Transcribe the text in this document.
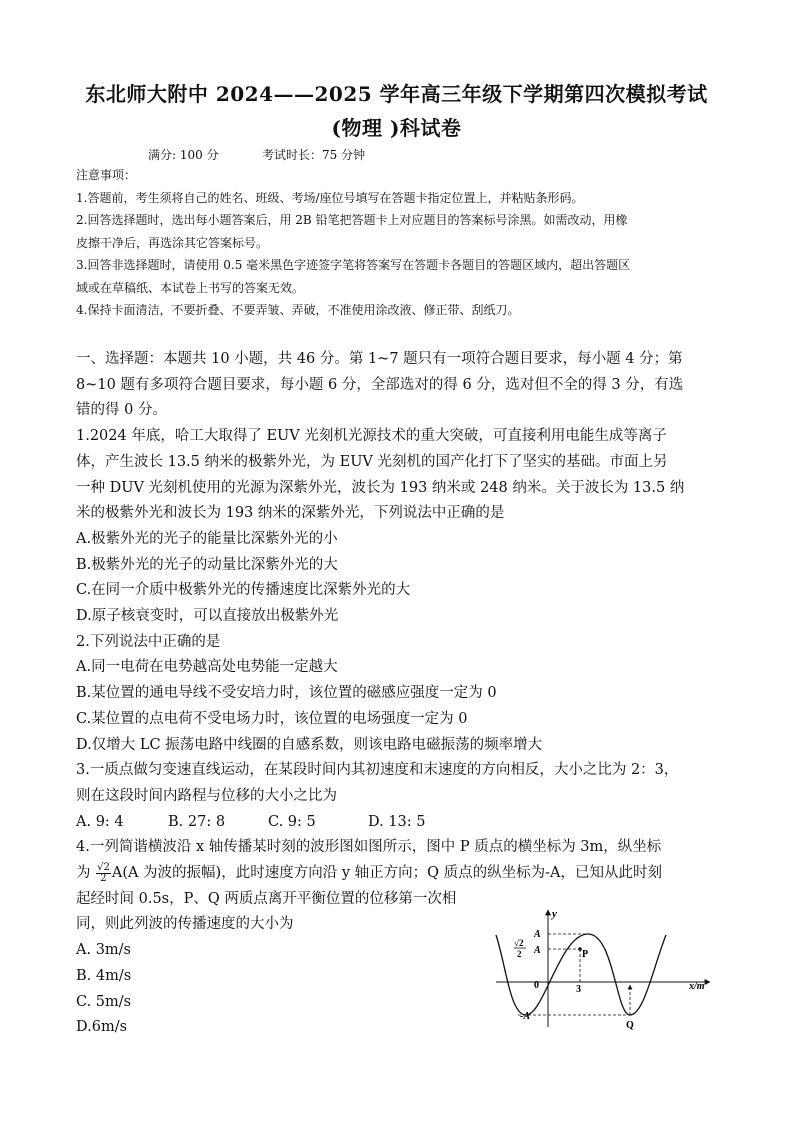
东北师大附中 2024——2025 学年高三年级下学期第四次模拟考试
(物理 )科试卷
满分: 100 分	考试时长：75 分钟

注意事项：

1.答题前，考生须将自己的姓名、班级、考场/座位号填写在答题卡指定位置上，并粘贴条形码。

2.回答选择题时，选出每小题答案后，用 2B 铅笔把答题卡上对应题目的答案标号涂黑。如需改动，用橡

皮擦干净后，再选涂其它答案标号。

3.回答非选择题时，请使用 0.5 毫米黑色字迹签字笔将答案写在答题卡各题目的答题区域内，超出答题区

域或在草稿纸、本试卷上书写的答案无效。

4.保持卡面清洁，不要折叠、不要弄皱、弄破，不准使用涂改液、修正带、刮纸刀。

一、选择题：本题共 10 小题，共 46 分。第 1~7 题只有一项符合题目要求，每小题 4 分；第

8~10 题有多项符合题目要求，每小题 6 分，全部选对的得 6 分，选对但不全的得 3 分，有选

错的得 0 分。

1.2024 年底，哈工大取得了 EUV 光刻机光源技术的重大突破，可直接利用电能生成等离子

体，产生波长 13.5 纳米的极紫外光，为 EUV 光刻机的国产化打下了坚实的基础。市面上另

一种 DUV 光刻机使用的光源为深紫外光，波长为 193 纳米或 248 纳米。关于波长为 13.5 纳

米的极紫外光和波长为 193 纳米的深紫外光，下列说法中正确的是

A.极紫外光的光子的能量比深紫外光的小

B.极紫外光的光子的动量比深紫外光的大

C.在同一介质中极紫外光的传播速度比深紫外光的大

D.原子核衰变时，可以直接放出极紫外光

2.下列说法中正确的是

A.同一电荷在电势越高处电势能一定越大

B.某位置的通电导线不受安培力时，该位置的磁感应强度一定为 0

C.某位置的点电荷不受电场力时，该位置的电场强度一定为 0

D.仅增大 LC 振荡电路中线圈的自感系数，则该电路电磁振荡的频率增大

3.一质点做匀变速直线运动，在某段时间内其初速度和末速度的方向相反，大小之比为 2：3，

则在这段时间内路程与位移的大小之比为

A. 9: 4	B. 27: 8	C. 9: 5	D. 13: 5

4.一列简谐横波沿 x 轴传播某时刻的波形图如图所示，图中 P 质点的横坐标为 3m，纵坐标

为 $\frac{√2}{2} A(A$ 为波的振幅)，此时速度方向沿 y 轴正方向；Q 质点的纵坐标为-A，已知从此时刻

起经时间 0.5s，P、Q 两质点离开平衡位置的位移第一次相

同，则此列波的传播速度的大小为

A. 3m/s

B. 4m/s

C. 5m/s

D.6m/s

y
x/m
0
P
3
Q
A
√2
2 A
-A
